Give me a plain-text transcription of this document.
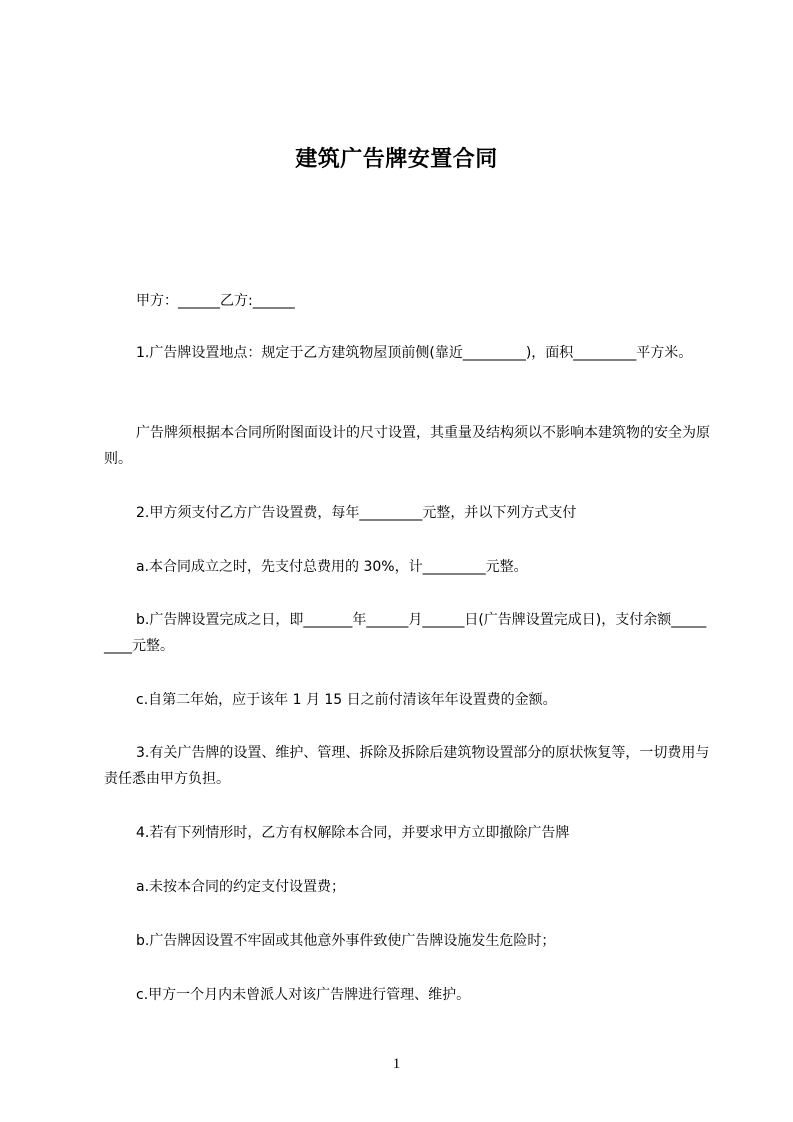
建筑广告牌安置合同
甲方：______乙方:______
1.广告牌设置地点：规定于乙方建筑物屋顶前侧(靠近_________)，面积_________平方米。
广告牌须根据本合同所附图面设计的尺寸设置，其重量及结构须以不影响本建筑物的安全为原则。
2.甲方须支付乙方广告设置费，每年_________元整，并以下列方式支付
a.本合同成立之时，先支付总费用的 30%，计_________元整。
b.广告牌设置完成之日，即_______年______月______日(广告牌设置完成日)，支付余额_________元整。
c.自第二年始，应于该年 1 月 15 日之前付清该年年设置费的金额。
3.有关广告牌的设置、维护、管理、拆除及拆除后建筑物设置部分的原状恢复等，一切费用与责任悉由甲方负担。
4.若有下列情形时，乙方有权解除本合同，并要求甲方立即撤除广告牌
a.未按本合同的约定支付设置费；
b.广告牌因设置不牢固或其他意外事件致使广告牌设施发生危险时；
c.甲方一个月内未曾派人对该广告牌进行管理、维护。
1
